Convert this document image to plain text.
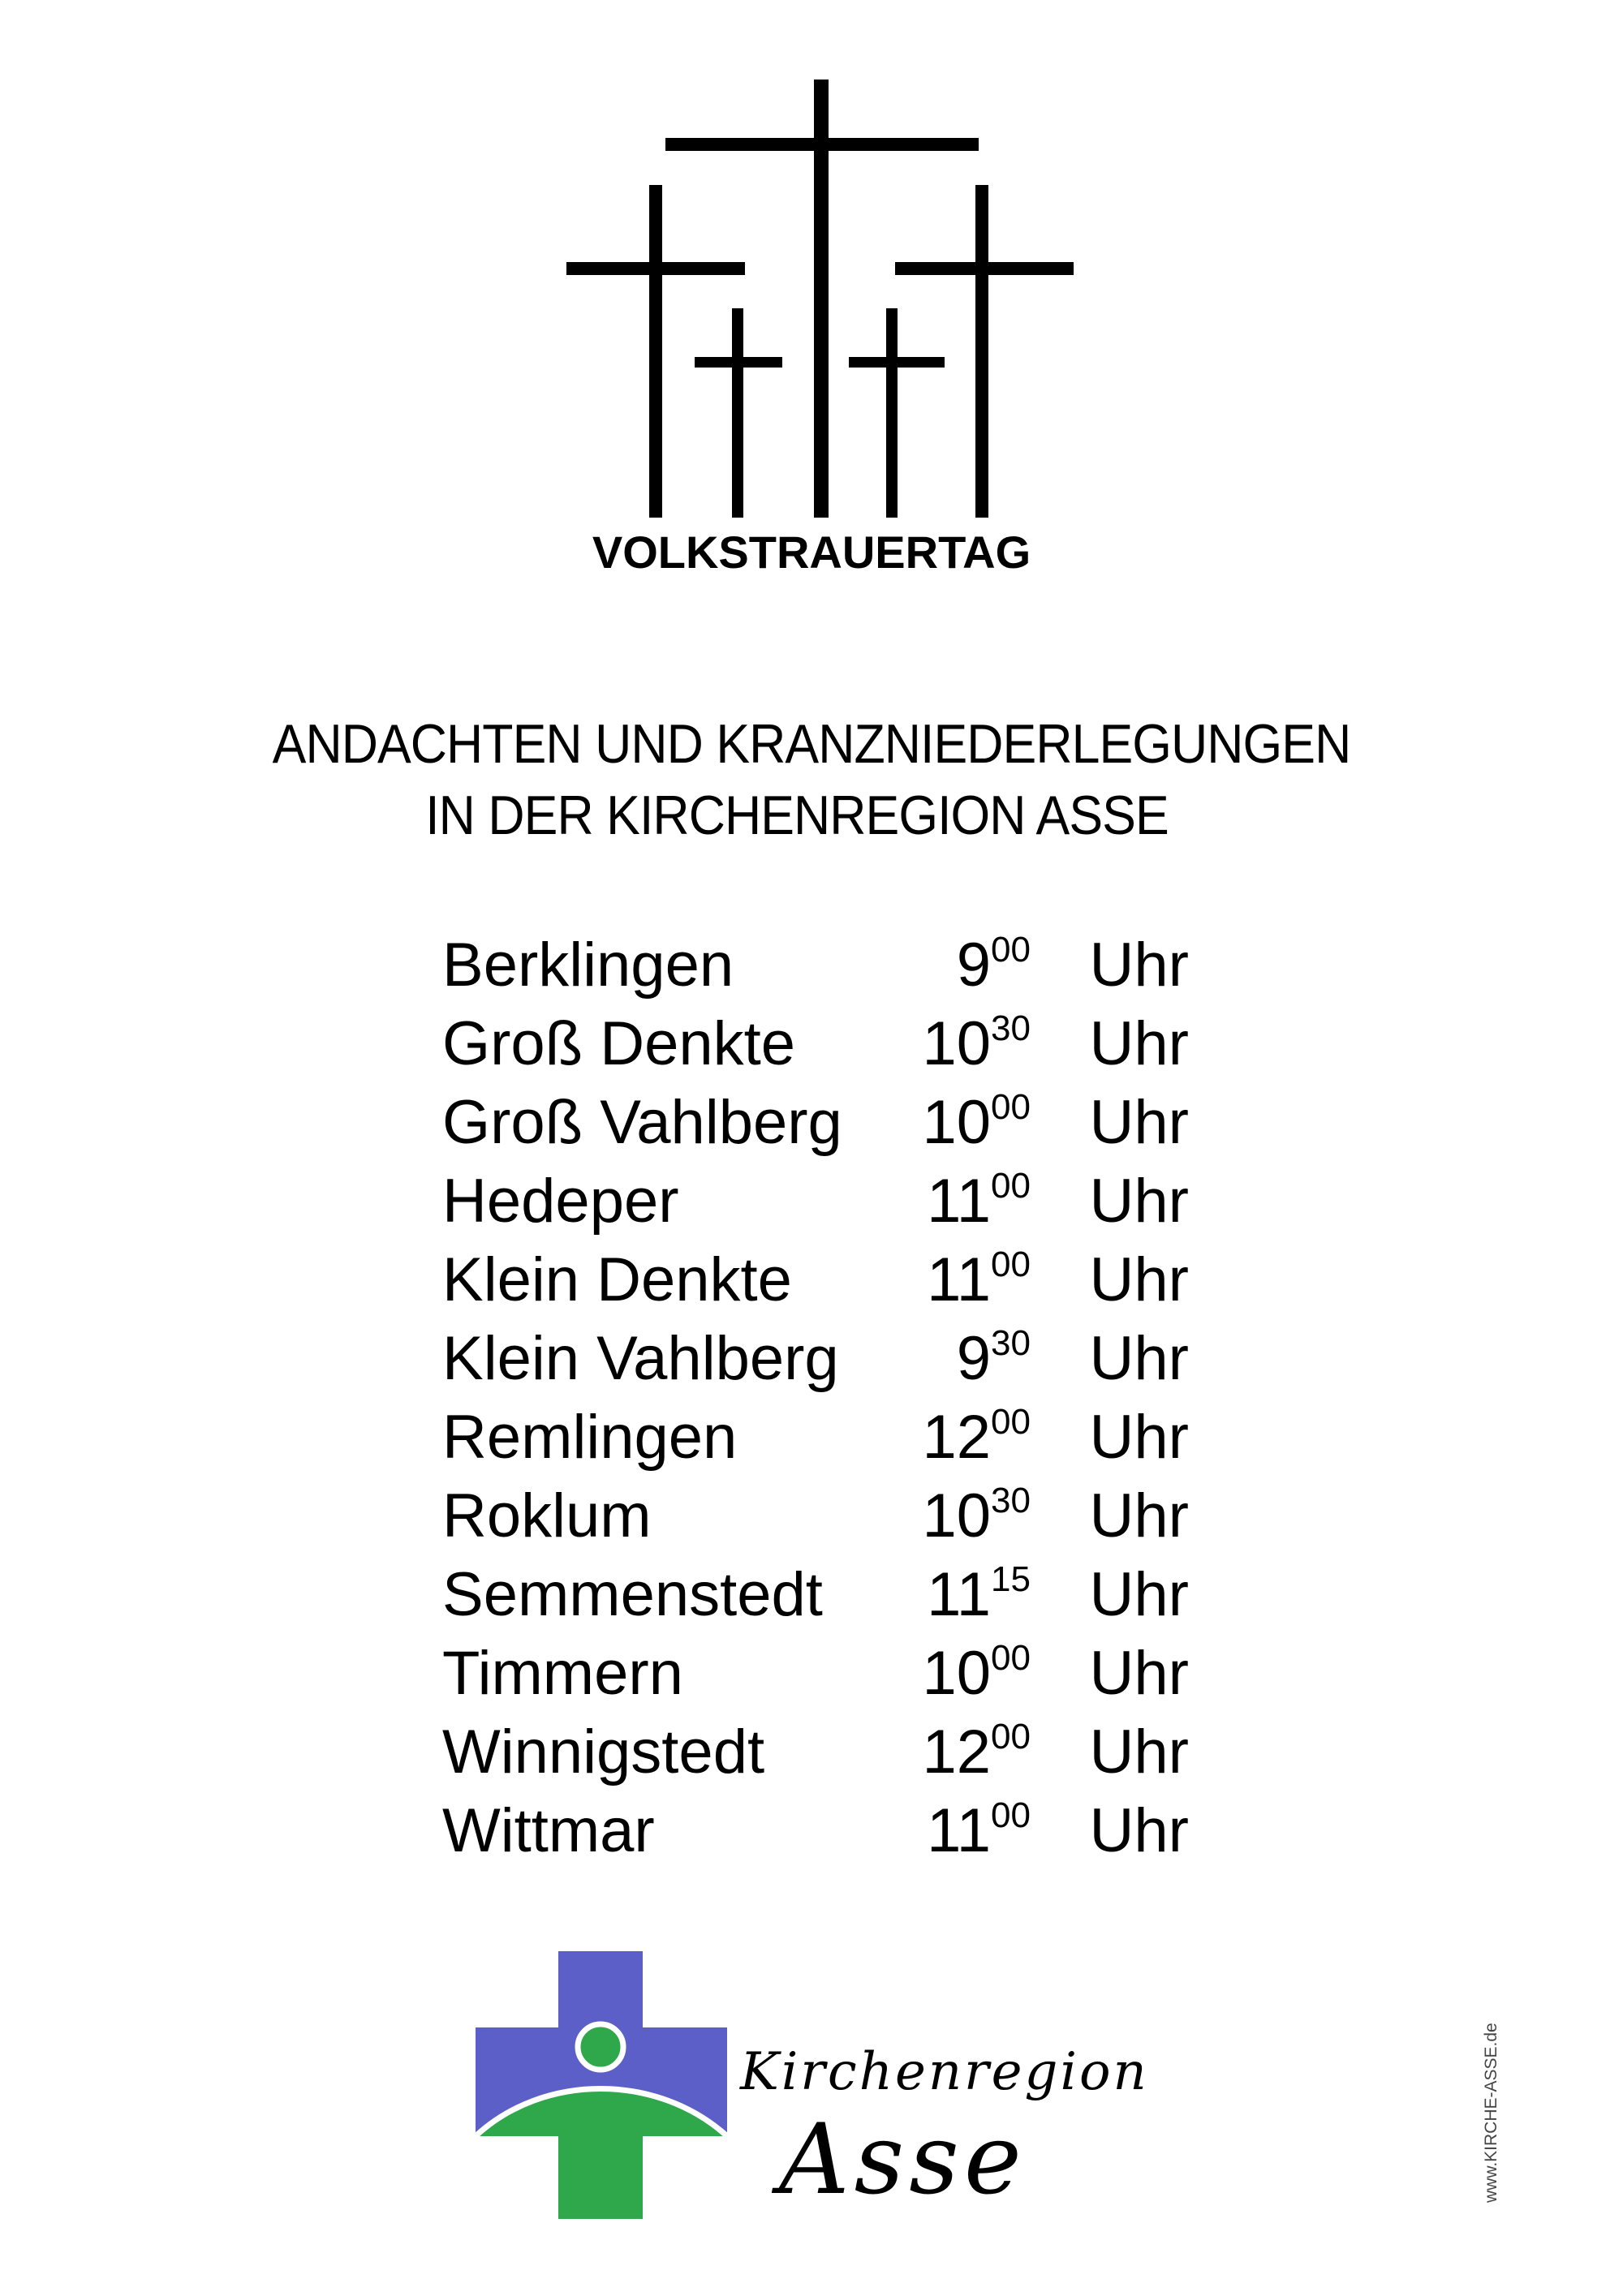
VOLKSTRAUERTAG
ANDACHTEN UND KRANZNIEDERLEGUNGEN
IN DER KIRCHENREGION ASSE
Berklingen	$9^{00}$ Uhr
Groß Denkte $10^{30}$ Uhr
Groß Vahlberg $10^{00}$ Uhr
Hedeper	$11^{00}$ Uhr
Klein Denkte $11^{00}$ Uhr
Klein Vahlberg $9^{30}$ Uhr
Remlingen	$12^{00}$ Uhr
Roklum	$10^{30}$ Uhr
Semmenstedt $11^{15}$ Uhr
Timmern	$10^{00}$ Uhr
Winnigstedt	$12^{00}$ Uhr
Wittmar	$11^{00}$ Uhr
Kirchenregion
Asse	www.KIRCHE-ASSE.de
